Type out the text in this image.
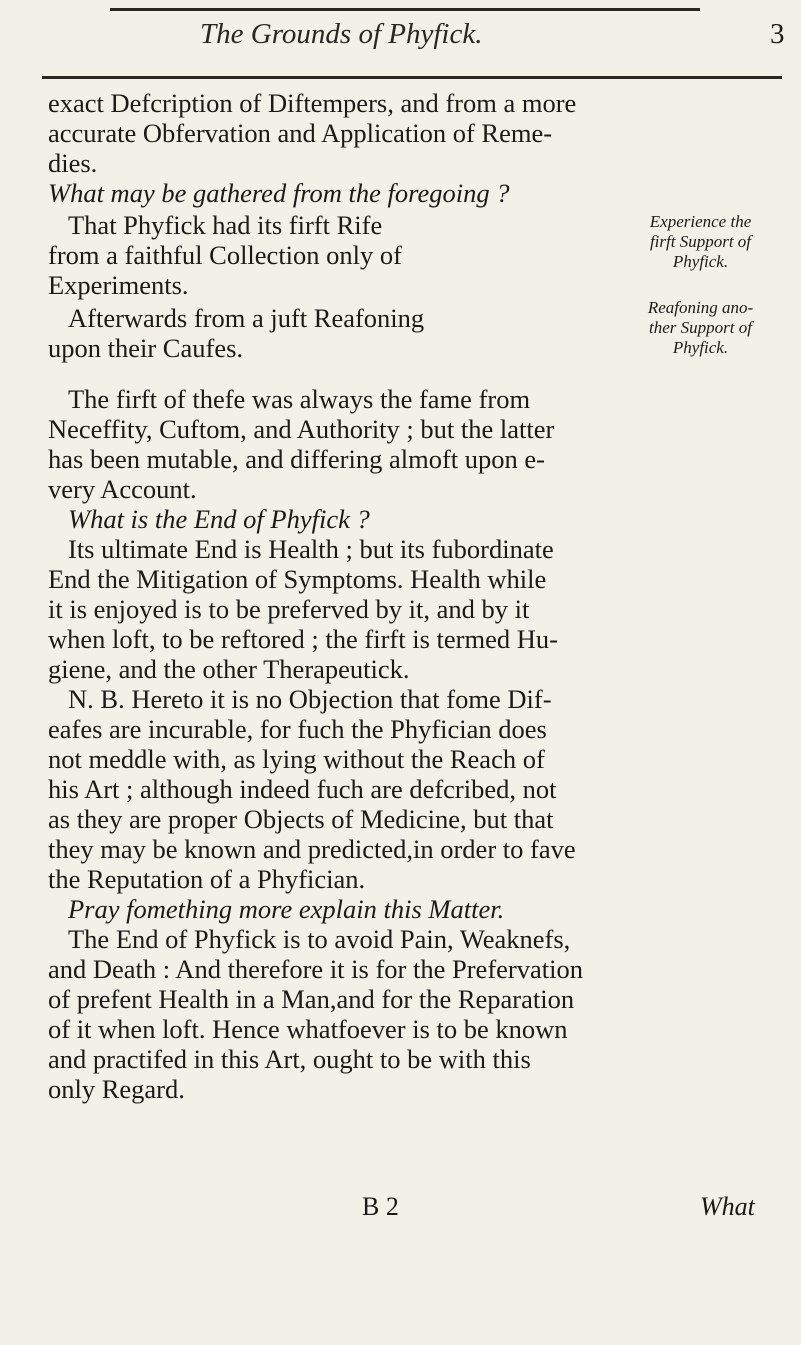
The Grounds of Phyfick.	3
exact Defcription of Diftempers, and from a more
accurate Obfervation and Application of Reme-
dies.
What may be gathered from the foregoing ?
That Phyfick had its firft Rife
from a faithful Collection only of
Experiments.
Afterwards from a juft Reafoning
upon their Caufes.
Experience the
firft Support of
Phyfick.
Reafoning ano-
ther Support of
Phyfick.
The firft of thefe was always the fame from
Neceffity, Cuftom, and Authority ; but the latter
has been mutable, and differing almoft upon e-
very Account.
What is the End of Phyfick ?
Its ultimate End is Health ; but its fubordinate
End the Mitigation of Symptoms. Health while
it is enjoyed is to be preferved by it, and by it
when loft, to be reftored ; the firft is termed Hu-
giene, and the other Therapeutick.
N. B. Hereto it is no Objection that fome Dif-
eafes are incurable, for fuch the Phyfician does
not meddle with, as lying without the Reach of
his Art ; although indeed fuch are defcribed, not
as they are proper Objects of Medicine, but that
they may be known and predicted,in order to fave
the Reputation of a Phyfician.
Pray fomething more explain this Matter.
The End of Phyfick is to avoid Pain, Weaknefs,
and Death : And therefore it is for the Prefervation
of prefent Health in a Man,and for the Reparation
of it when loft. Hence whatfoever is to be known
and practifed in this Art, ought to be with this
only Regard.
B 2	What
